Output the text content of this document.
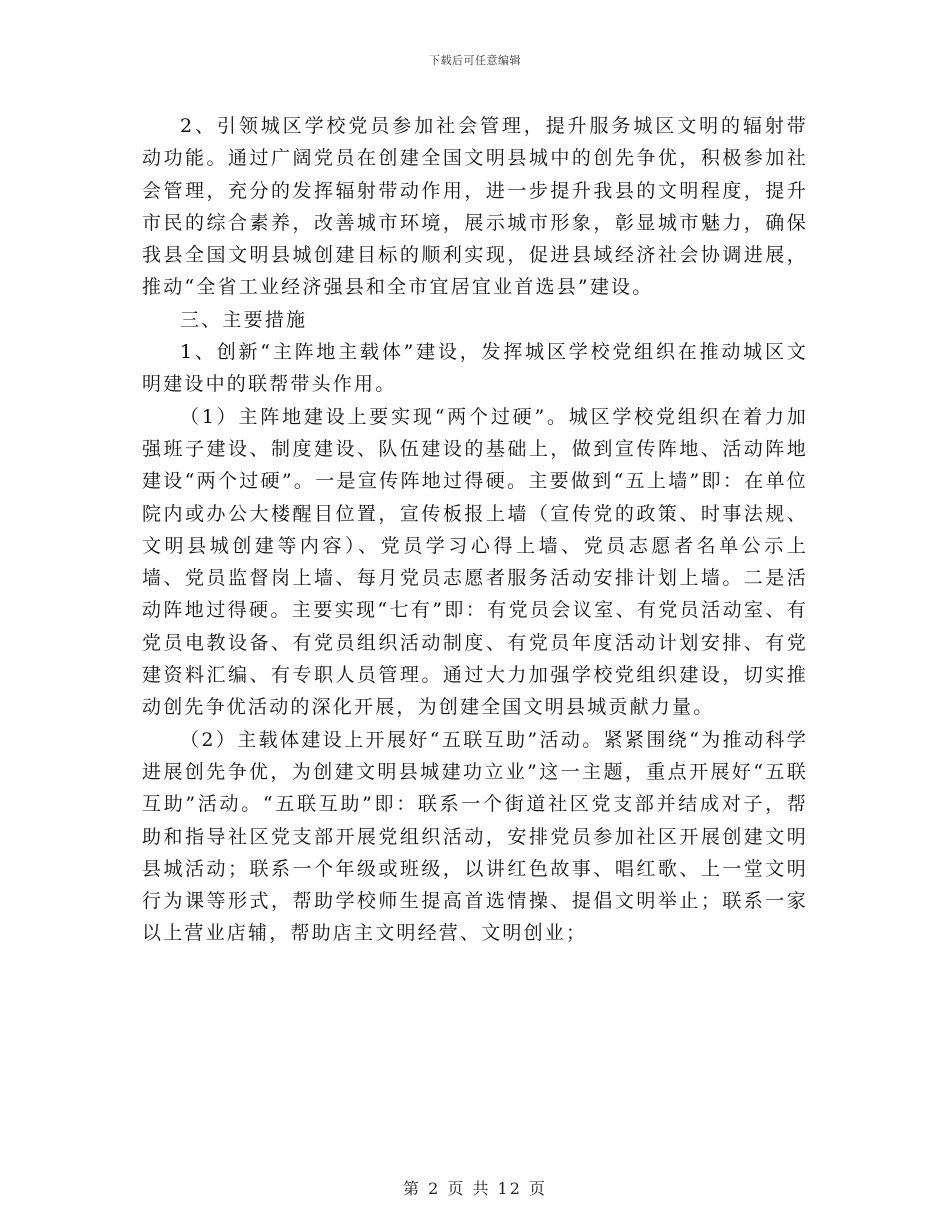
下载后可任意编辑

2、引领城区学校党员参加社会管理，提升服务城区文明的辐射带动功能。通过广阔党员在创建全国文明县城中的创先争优，积极参加社会管理，充分的发挥辐射带动作用，进一步提升我县的文明程度，提升市民的综合素养，改善城市环境，展示城市形象，彰显城市魅力，确保我县全国文明县城创建目标的顺利实现，促进县域经济社会协调进展，推动“全省工业经济强县和全市宜居宜业首选县”建设。

三、主要措施

1、创新“主阵地主载体”建设，发挥城区学校党组织在推动城区文明建设中的联帮带头作用。

（1）主阵地建设上要实现“两个过硬”。城区学校党组织在着力加强班子建设、制度建设、队伍建设的基础上，做到宣传阵地、活动阵地建设“两个过硬”。一是宣传阵地过得硬。主要做到“五上墙”即：在单位院内或办公大楼醒目位置，宣传板报上墙（宣传党的政策、时事法规、文明县城创建等内容）、党员学习心得上墙、党员志愿者名单公示上墙、党员监督岗上墙、每月党员志愿者服务活动安排计划上墙。二是活动阵地过得硬。主要实现“七有”即：有党员会议室、有党员活动室、有党员电教设备、有党员组织活动制度、有党员年度活动计划安排、有党建资料汇编、有专职人员管理。通过大力加强学校党组织建设，切实推动创先争优活动的深化开展，为创建全国文明县城贡献力量。

（2）主载体建设上开展好“五联互助”活动。紧紧围绕“为推动科学进展创先争优，为创建文明县城建功立业”这一主题，重点开展好“五联互助”活动。“五联互助”即：联系一个街道社区党支部并结成对子，帮助和指导社区党支部开展党组织活动，安排党员参加社区开展创建文明县城活动；联系一个年级或班级，以讲红色故事、唱红歌、上一堂文明行为课等形式，帮助学校师生提高首选情操、提倡文明举止；联系一家以上营业店辅，帮助店主文明经营、文明创业；

第 2 页 共 12 页
